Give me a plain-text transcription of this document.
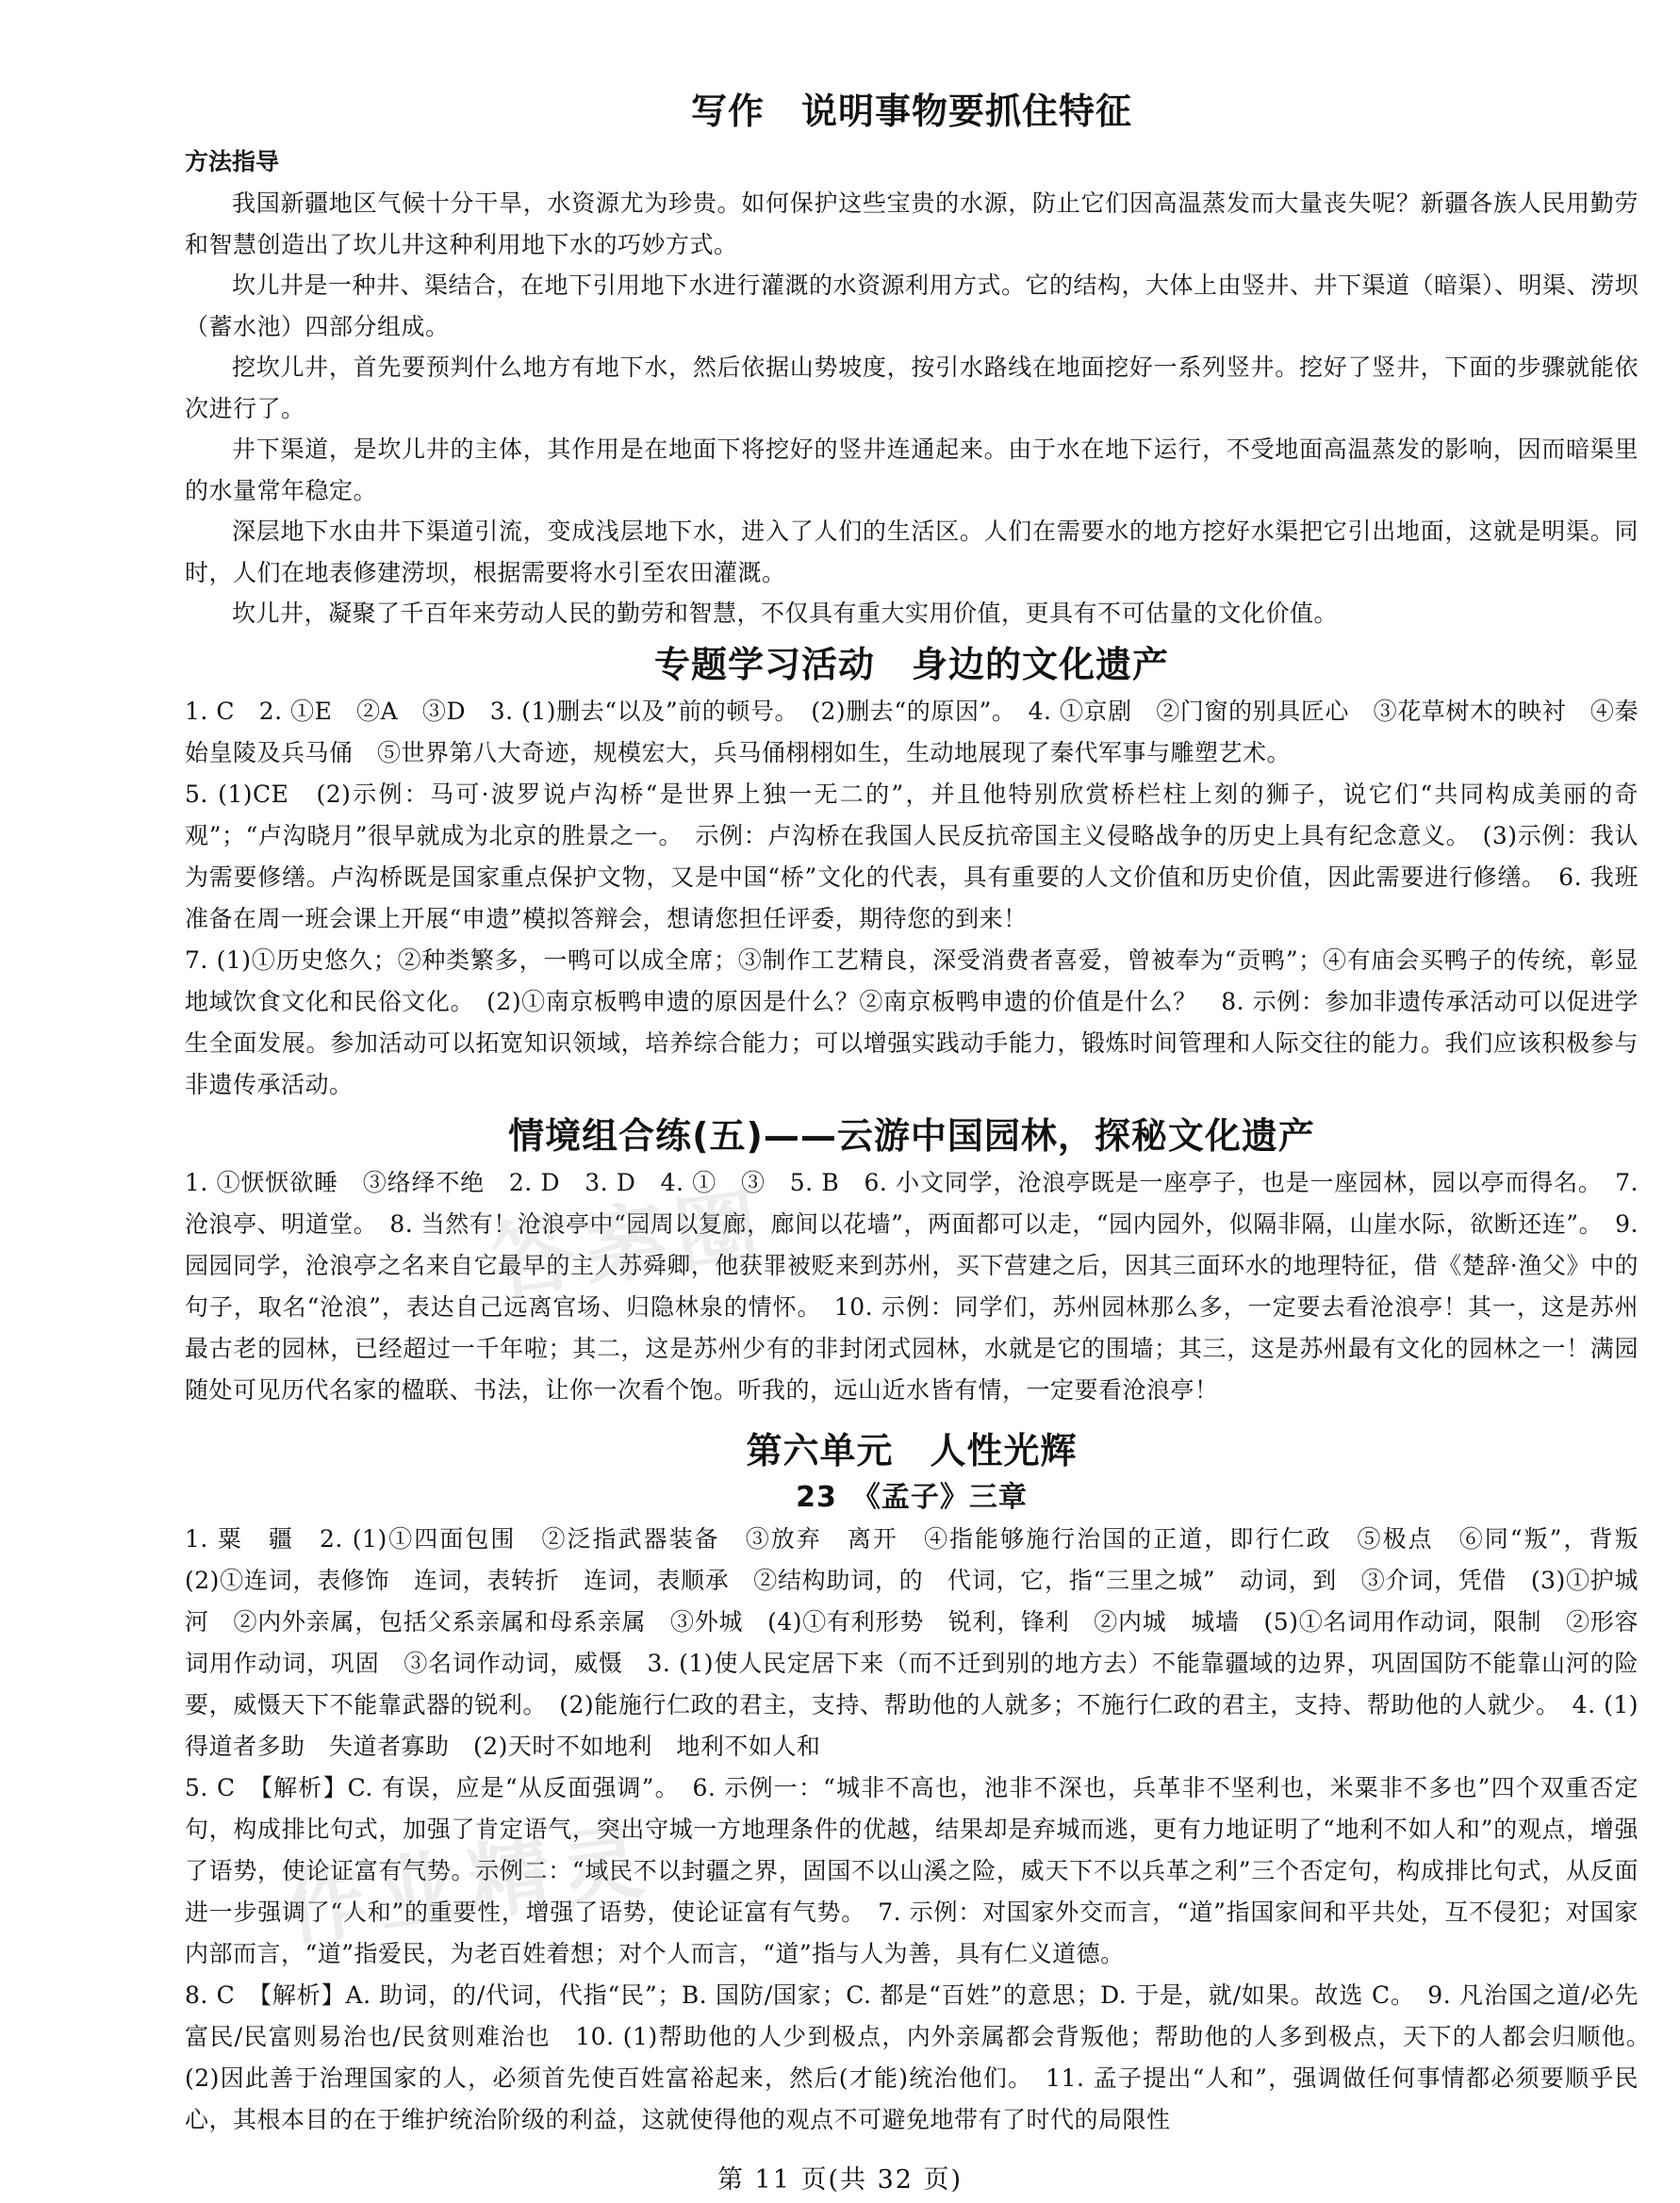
写作　说明事物要抓住特征
方法指导

我国新疆地区气候十分干旱，水资源尤为珍贵。如何保护这些宝贵的水源，防止它们因高温蒸发而大量丧失呢？新疆各族人民用勤劳和智慧创造出了坎儿井这种利用地下水的巧妙方式。

坎儿井是一种井、渠结合，在地下引用地下水进行灌溉的水资源利用方式。它的结构，大体上由竖井、井下渠道（暗渠）、明渠、涝坝（蓄水池）四部分组成。

挖坎儿井，首先要预判什么地方有地下水，然后依据山势坡度，按引水路线在地面挖好一系列竖井。挖好了竖井，下面的步骤就能依次进行了。

井下渠道，是坎儿井的主体，其作用是在地面下将挖好的竖井连通起来。由于水在地下运行，不受地面高温蒸发的影响，因而暗渠里的水量常年稳定。

深层地下水由井下渠道引流，变成浅层地下水，进入了人们的生活区。人们在需要水的地方挖好水渠把它引出地面，这就是明渠。同时，人们在地表修建涝坝，根据需要将水引至农田灌溉。

坎儿井，凝聚了千百年来劳动人民的勤劳和智慧，不仅具有重大实用价值，更具有不可估量的文化价值。

专题学习活动　身边的文化遗产

1. C　2. ①E　②A　③D　3. (1)删去“以及”前的顿号。　(2)删去“的原因”。　4. ①京剧　②门窗的别具匠心　③花草树木的映衬　④秦始皇陵及兵马俑　⑤世界第八大奇迹，规模宏大，兵马俑栩栩如生，生动地展现了秦代军事与雕塑艺术。

5. (1)CE　(2)示例：马可·波罗说卢沟桥“是世界上独一无二的”，并且他特别欣赏桥栏柱上刻的狮子，说它们“共同构成美丽的奇观”；“卢沟晓月”很早就成为北京的胜景之一。　示例：卢沟桥在我国人民反抗帝国主义侵略战争的历史上具有纪念意义。　(3)示例：我认为需要修缮。卢沟桥既是国家重点保护文物，又是中国“桥”文化的代表，具有重要的人文价值和历史价值，因此需要进行修缮。　6. 我班准备在周一班会课上开展“申遗”模拟答辩会，想请您担任评委，期待您的到来！

7. (1)①历史悠久；②种类繁多，一鸭可以成全席；③制作工艺精良，深受消费者喜爱，曾被奉为“贡鸭”；④有庙会买鸭子的传统，彰显地域饮食文化和民俗文化。　(2)①南京板鸭申遗的原因是什么？②南京板鸭申遗的价值是什么？　8. 示例：参加非遗传承活动可以促进学生全面发展。参加活动可以拓宽知识领域，培养综合能力；可以增强实践动手能力，锻炼时间管理和人际交往的能力。我们应该积极参与非遗传承活动。

情境组合练(五)——云游中国园林，探秘文化遗产

1. ①恹恹欲睡　③络绎不绝　2. D　3. D　4. ①　③　5. B　6. 小文同学，沧浪亭既是一座亭子，也是一座园林，园以亭而得名。　7. 沧浪亭、明道堂。　8. 当然有！沧浪亭中“园周以复廊，廊间以花墙”，两面都可以走，“园内园外，似隔非隔，山崖水际，欲断还连”。　9. 园园同学，沧浪亭之名来自它最早的主人苏舜卿，他获罪被贬来到苏州，买下营建之后，因其三面环水的地理特征，借《楚辞·渔父》中的句子，取名“沧浪”，表达自己远离官场、归隐林泉的情怀。　10. 示例：同学们，苏州园林那么多，一定要去看沧浪亭！其一，这是苏州最古老的园林，已经超过一千年啦；其二，这是苏州少有的非封闭式园林，水就是它的围墙；其三，这是苏州最有文化的园林之一！满园随处可见历代名家的楹联、书法，让你一次看个饱。听我的，远山近水皆有情，一定要看沧浪亭！

第六单元　人性光辉
23　《孟子》三章

1. 粟　疆　2. (1)①四面包围　②泛指武器装备　③放弃　离开　④指能够施行治国的正道，即行仁政　⑤极点　⑥同“叛”，背叛　(2)①连词，表修饰　连词，表转折　连词，表顺承　②结构助词，的　代词，它，指“三里之城”　动词，到　③介词，凭借　(3)①护城河　②内外亲属，包括父系亲属和母系亲属　③外城　(4)①有利形势　锐利，锋利　②内城　城墙　(5)①名词用作动词，限制　②形容词用作动词，巩固　③名词作动词，威慑　3. (1)使人民定居下来（而不迁到别的地方去）不能靠疆域的边界，巩固国防不能靠山河的险要，威慑天下不能靠武器的锐利。　(2)能施行仁政的君主，支持、帮助他的人就多；不施行仁政的君主，支持、帮助他的人就少。　4. (1)得道者多助　失道者寡助　(2)天时不如地利　地利不如人和

5. C　【解析】C. 有误，应是“从反面强调”。　6. 示例一：“城非不高也，池非不深也，兵革非不坚利也，米粟非不多也”四个双重否定句，构成排比句式，加强了肯定语气，突出守城一方地理条件的优越，结果却是弃城而逃，更有力地证明了“地利不如人和”的观点，增强了语势，使论证富有气势。示例二：“域民不以封疆之界，固国不以山溪之险，威天下不以兵革之利”三个否定句，构成排比句式，从反面进一步强调了“人和”的重要性，增强了语势，使论证富有气势。　7. 示例：对国家外交而言，“道”指国家间和平共处，互不侵犯；对国家内部而言，“道”指爱民，为老百姓着想；对个人而言，“道”指与人为善，具有仁义道德。

8. C　【解析】A. 助词，的/代词，代指“民”；B. 国防/国家；C. 都是“百姓”的意思；D. 于是，就/如果。故选 C。　9. 凡治国之道/必先富民/民富则易治也/民贫则难治也　10. (1)帮助他的人少到极点，内外亲属都会背叛他；帮助他的人多到极点，天下的人都会归顺他。　(2)因此善于治理国家的人，必须首先使百姓富裕起来，然后(才能)统治他们。　11. 孟子提出“人和”，强调做任何事情都必须要顺乎民心，其根本目的在于维护统治阶级的利益，这就使得他的观点不可避免地带有了时代的局限性

答案圈
作业精灵
第 11 页(共 32 页)
